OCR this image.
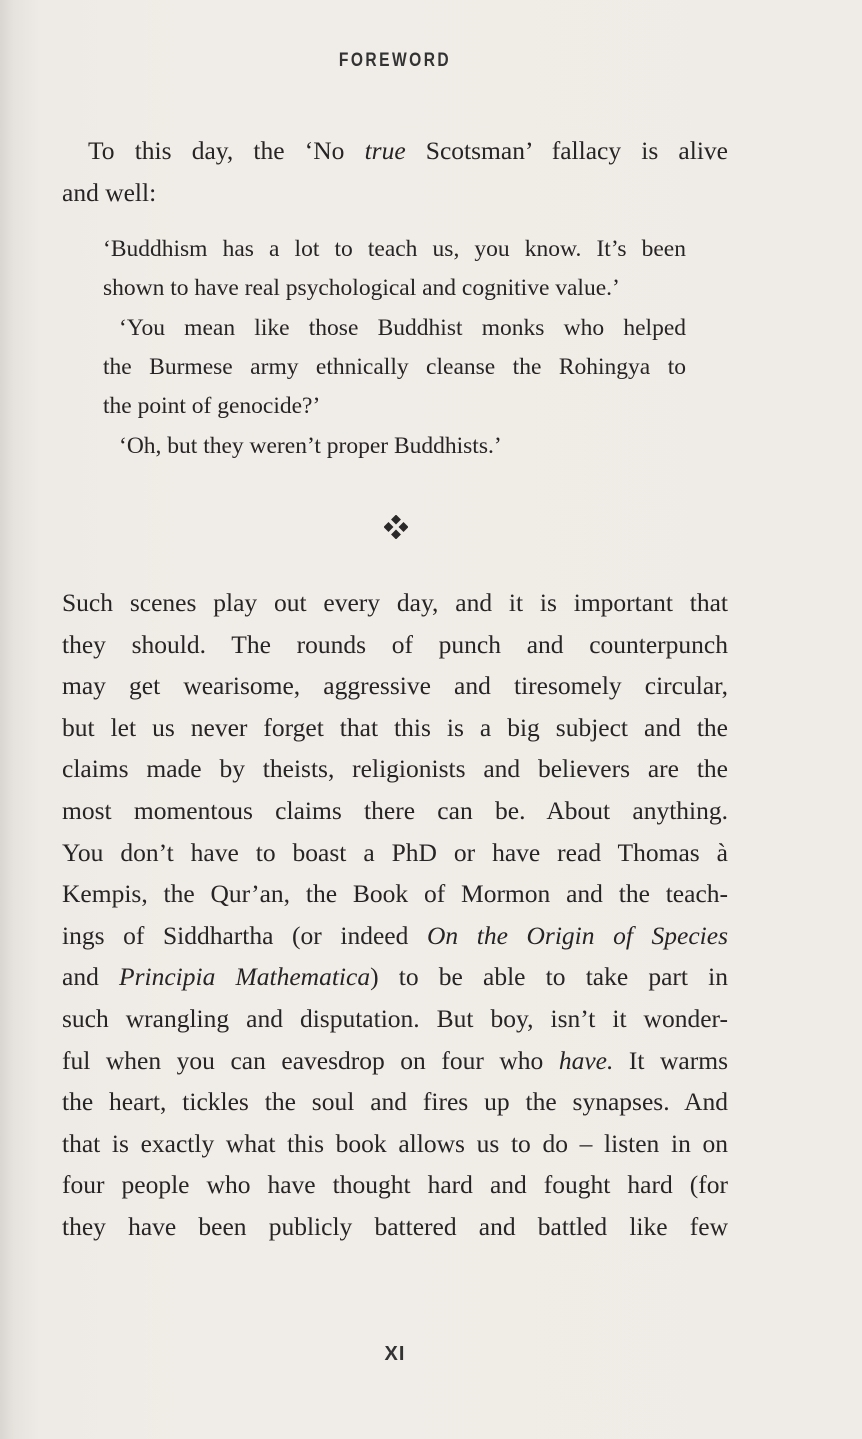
FOREWORD
To this day, the ‘No true Scotsman’ fallacy is alive
and well:
‘Buddhism has a lot to teach us, you know. It’s been
shown to have real psychological and cognitive value.’
‘You mean like those Buddhist monks who helped
the Burmese army ethnically cleanse the Rohingya to
the point of genocide?’
‘Oh, but they weren’t proper Buddhists.’
Such scenes play out every day, and it is important that
they should. The rounds of punch and counterpunch
may get wearisome, aggressive and tiresomely circular,
but let us never forget that this is a big subject and the
claims made by theists, religionists and believers are the
most momentous claims there can be. About anything.
You don’t have to boast a PhD or have read Thomas à
Kempis, the Qur’an, the Book of Mormon and the teach-
ings of Siddhartha (or indeed On the Origin of Species
and Principia Mathematica) to be able to take part in
such wrangling and disputation. But boy, isn’t it wonder-
ful when you can eavesdrop on four who have. It warms
the heart, tickles the soul and fires up the synapses. And
that is exactly what this book allows us to do – listen in on
four people who have thought hard and fought hard (for
they have been publicly battered and battled like few
XI
